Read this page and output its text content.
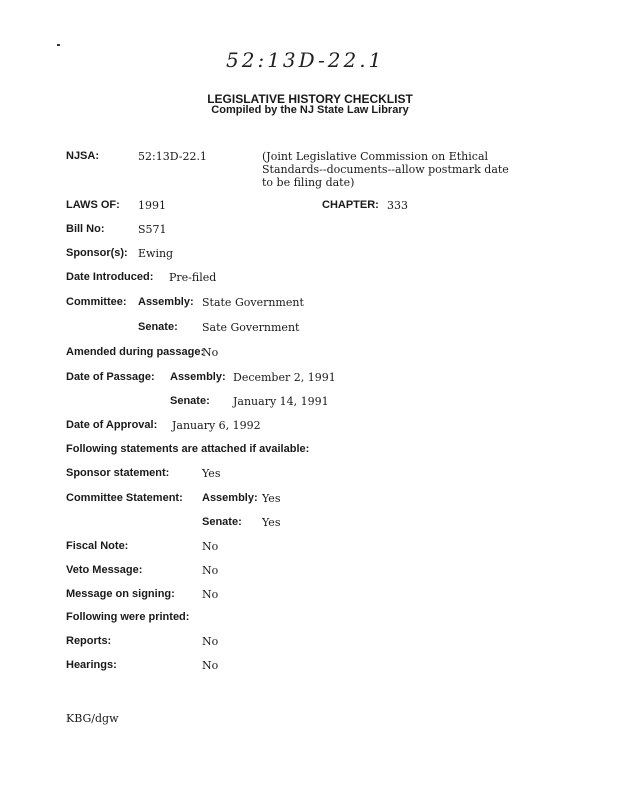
52:13D-22.1
LEGISLATIVE HISTORY CHECKLIST
Compiled by the NJ State Law Library
NJSA:	52:13D-22.1	(Joint Legislative Commission on Ethical Standards--documents--allow postmark date to be filing date)
LAWS OF: 1991	CHAPTER: 333
Bill No:	S571
Sponsor(s): Ewing
Date Introduced: Pre-filed
Committee: Assembly: State Government
Senate: Sate Government
Amended during passage:
No
Date of Passage: Assembly: December 2, 1991
Senate: January 14, 1991
Date of Approval: January 6, 1992
Following statements are attached if available:
Sponsor statement:	Yes
Committee Statement: Assembly: Yes
Senate: Yes
Fiscal Note:	No
Veto Message:	No
Message on signing: No
Following were printed:
Reports:	No
Hearings:	No
KBG/dgw
